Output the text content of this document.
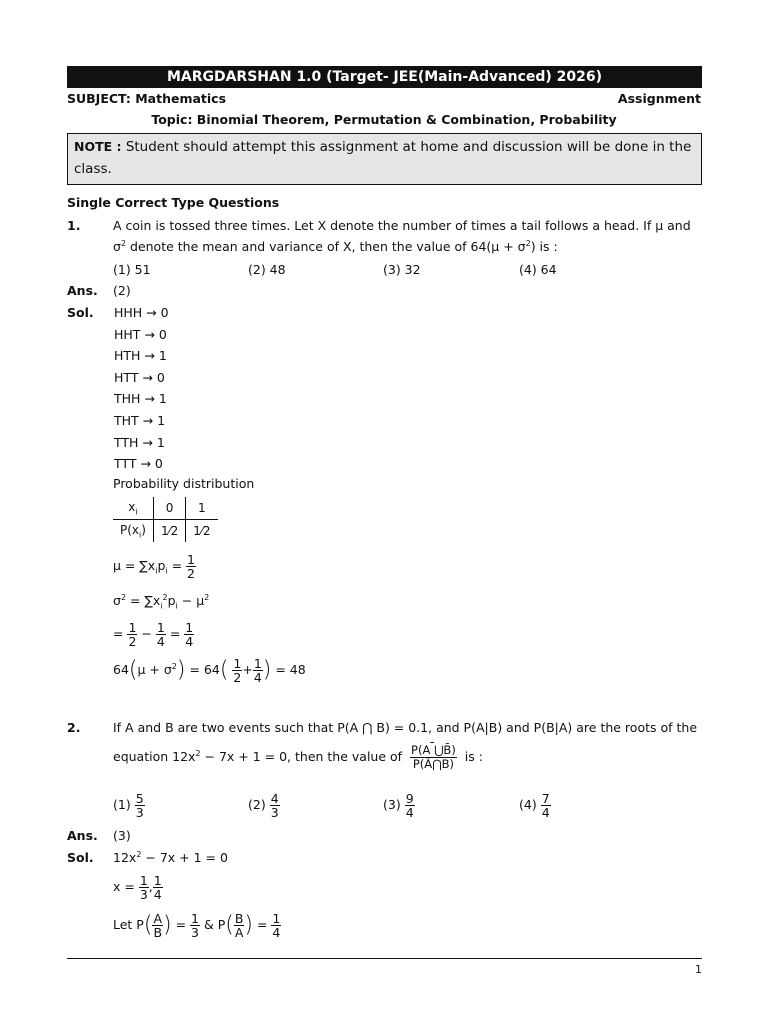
MARGDARSHAN 1.0 (Target- JEE(Main-Advanced) 2026)
SUBJECT: Mathematics	Assignment
Topic: Binomial Theorem, Permutation & Combination, Probability
NOTE : Student should attempt this assignment at home and discussion will be done in the class.
Single Correct Type Questions
1.	A coin is tossed three times. Let X denote the number of times a tail follows a head. If μ and
$\sigma^2$ denote the mean and variance of X, then the value of $64(\mu + \sigma^2)$ is :
(1) 51	(2) 48	(3) 32	(4) 64
Ans. (2)
Sol. HHH → 0
HHT → 0
HTH → 1
HTT → 0
THH → 1
THT → 1
TTH → 1
TTT → 0
Probability distribution
$x_i$	0	1
$P(x_i)$	1⁄2	1⁄2
$\mu = \sum x_ip_i = \frac{1}{2}$
$\sigma^2 = \sum x_i^2p_i - \mu^2$
= $\frac{1}{2} - \frac{1}{4} = \frac{1}{4}$
$64(\mu + \sigma^2) = 64( \frac{1}{2} + \frac{1}{4}$ ) = 48
2.	If A and B are two events such that P(A ⋂ B) = 0.1, and P(A|B) and P(B|A) are the roots of the
equation $12x^2 - 7x + 1 = 0$, then the value of $\frac{P(A ⋃B̄)}{P(Ā⋂B̄)}$ is :
$(1) \frac{5}{3}$	$(2) \frac{4}{3}$	$(3) \frac{9}{4}$	$(4) \frac{7}{4}$
Ans. (3)
Sol. $12x^2 - 7x + 1 = 0$
$x = \frac{1}{3}$ , $\frac{1}{4}$
Let $P( \frac{A}{B}$ ) = $\frac{1}{3}$ & $P( \frac{B}{A}$ ) = $\frac{1}{4}$
1
